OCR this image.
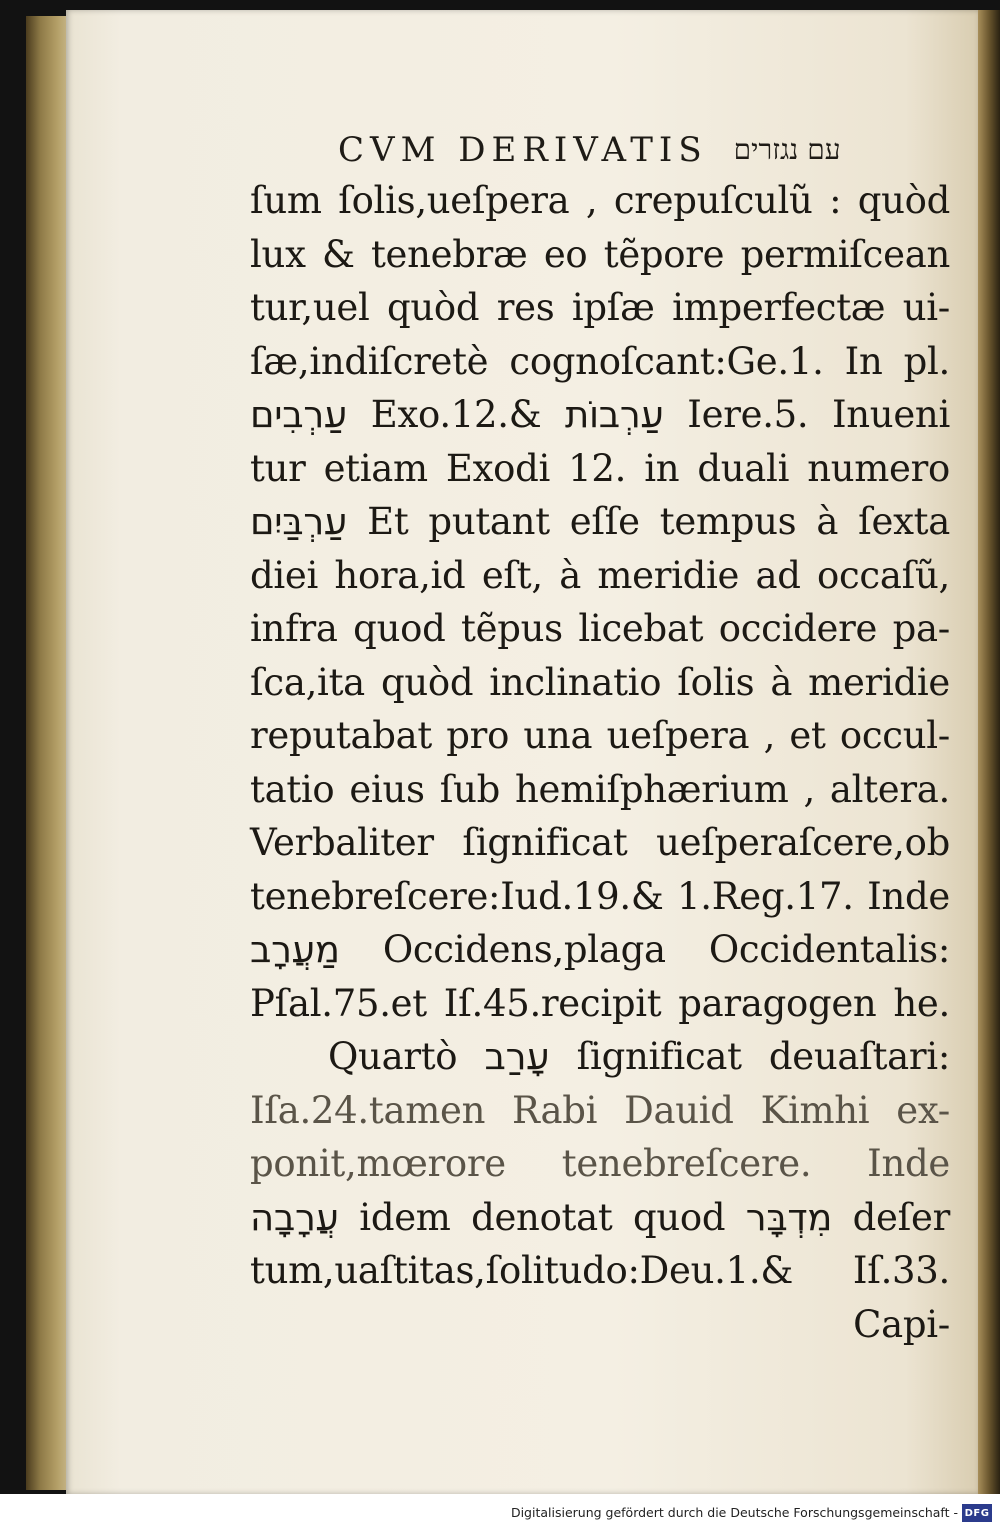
CVM DERIVATIS עם נגזרים
ſum ſolis,ueſpera , crepuſculũ : quòd
lux & tenebræ eo tẽpore permiſcean
tur,uel quòd res ipſæ imperfectæ ui-
ſæ,indiſcretè cognoſcant:Ge.1. In pl.
עַרְבִים Exo.12.& עַרְבוֹת Iere.5. Inueni
tur etiam Exodi 12. in duali numero
עַרְבַּיִם Et putant eſſe tempus à ſexta
diei hora,id eſt, à meridie ad occaſũ,
infra quod tẽpus licebat occidere pa-
ſca,ita quòd inclinatio ſolis à meridie
reputabat pro una ueſpera , et occul-
tatio eius ſub hemiſphærium , altera.
Verbaliter ſignificat ueſperaſcere,ob
tenebreſcere:Iud.19.& 1.Reg.17. Inde
מַעֲרָב Occidens,plaga Occidentalis:
Pſal.75.et Iſ.45.recipit paragogen he.
Quartò עָרַב ſignificat deuaſtari:
Iſa.24.tamen Rabi Dauid Kimhi ex-
ponit,mœrore tenebreſcere. Inde
עֲרָבָה idem denotat quod מִדְבָּר deſer
tum,uaſtitas,ſolitudo:Deu.1.& Iſ.33.
Capi-
Digitalisierung gefördert durch die Deutsche Forschungsgemeinschaft - DFG
